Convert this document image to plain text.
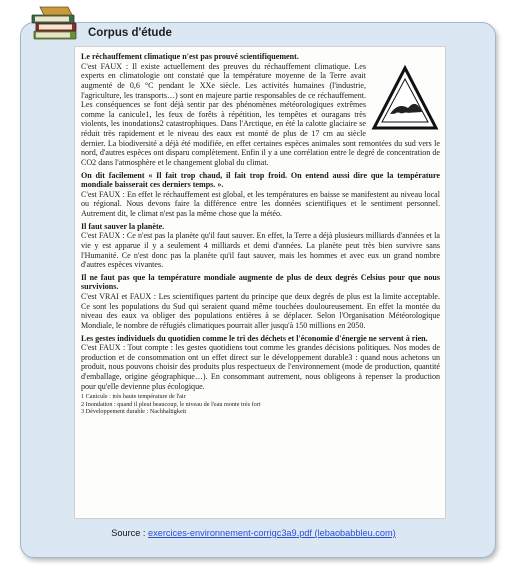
Corpus d'étude

Le réchauffement climatique n'est pas prouvé scientifiquement.

CO2

C'est FAUX : Il existe actuellement des preuves du réchauffement climatique. Les experts en climatologie ont constaté que la température moyenne de la Terre avait augmenté de 0,6 °C pendant le XXe siècle. Les activités humaines (l'industrie, l'agriculture, les transports…) sont en majeure partie responsables de ce réchauffement. Les conséquences se font déjà sentir par des phénomènes météorologiques extrêmes comme la canicule1, les feux de forêts à répétition, les tempêtes et ouragans très violents, les inondations2 catastrophiques. Dans l'Arctique, en été la calotte glaciaire se réduit très rapidement et le niveau des eaux est monté de plus de 17 cm au siècle dernier. La biodiversité a déjà été modifiée, en effet certaines espèces animales sont remontées du sud vers le nord, d'autres espèces ont disparu complètement. Enfin il y a une corrélation entre le degré de concentration de CO2 dans l'atmosphère et le changement global du climat.

On dit facilement « Il fait trop chaud, il fait trop froid. On entend aussi dire que la température mondiale baisserait ces derniers temps. ».

C'est FAUX : En effet le réchauffement est global, et les températures en baisse se manifestent au niveau local ou régional. Nous devons faire la différence entre les données scientifiques et le sentiment personnel. Autrement dit, le climat n'est pas la même chose que la météo.

Il faut sauver la planète.

C'est FAUX : Ce n'est pas la planète qu'il faut sauver. En effet, la Terre a déjà plusieurs milliards d'années et la vie y est apparue il y a seulement 4 milliards et demi d'années. La planète peut très bien survivre sans l'Humanité. Ce n'est donc pas la planète qu'il faut sauver, mais les hommes et avec eux un grand nombre d'autres espèces vivantes.

Il ne faut pas que la température mondiale augmente de plus de deux degrés Celsius pour que nous survivions.

C'est VRAI et FAUX : Les scientifiques partent du principe que deux degrés de plus est la limite acceptable. Ce sont les populations du Sud qui seraient quand même touchées douloureusement. En effet la montée du niveau des eaux va obliger des populations entières à se déplacer. Selon l'Organisation Météorologique Mondiale, le nombre de réfugiés climatiques pourrait aller jusqu'à 150 millions en 2050.

Les gestes individuels du quotidien comme le tri des déchets et l'économie d'énergie ne servent à rien.

C'est FAUX : Tout compte : les gestes quotidiens tout comme les grandes décisions politiques. Nos modes de production et de consommation ont un effet direct sur le développement durable3 : quand nous achetons un produit, nous pouvons choisir des produits plus respectueux de l'environnement (mode de production, quantité d'emballage, origine géographique…). En consommant autrement, nous obligeons à repenser la production pour qu'elle devienne plus écologique.

1 Canicule : très haute température de l'air

2 Inondation : quand il pleut beaucoup, le niveau de l'eau monte très fort

3 Développement durable : Nachhaltigkeit

Source : exercices-environnement-corrigc3a9.pdf (lebaobabbleu.com)
